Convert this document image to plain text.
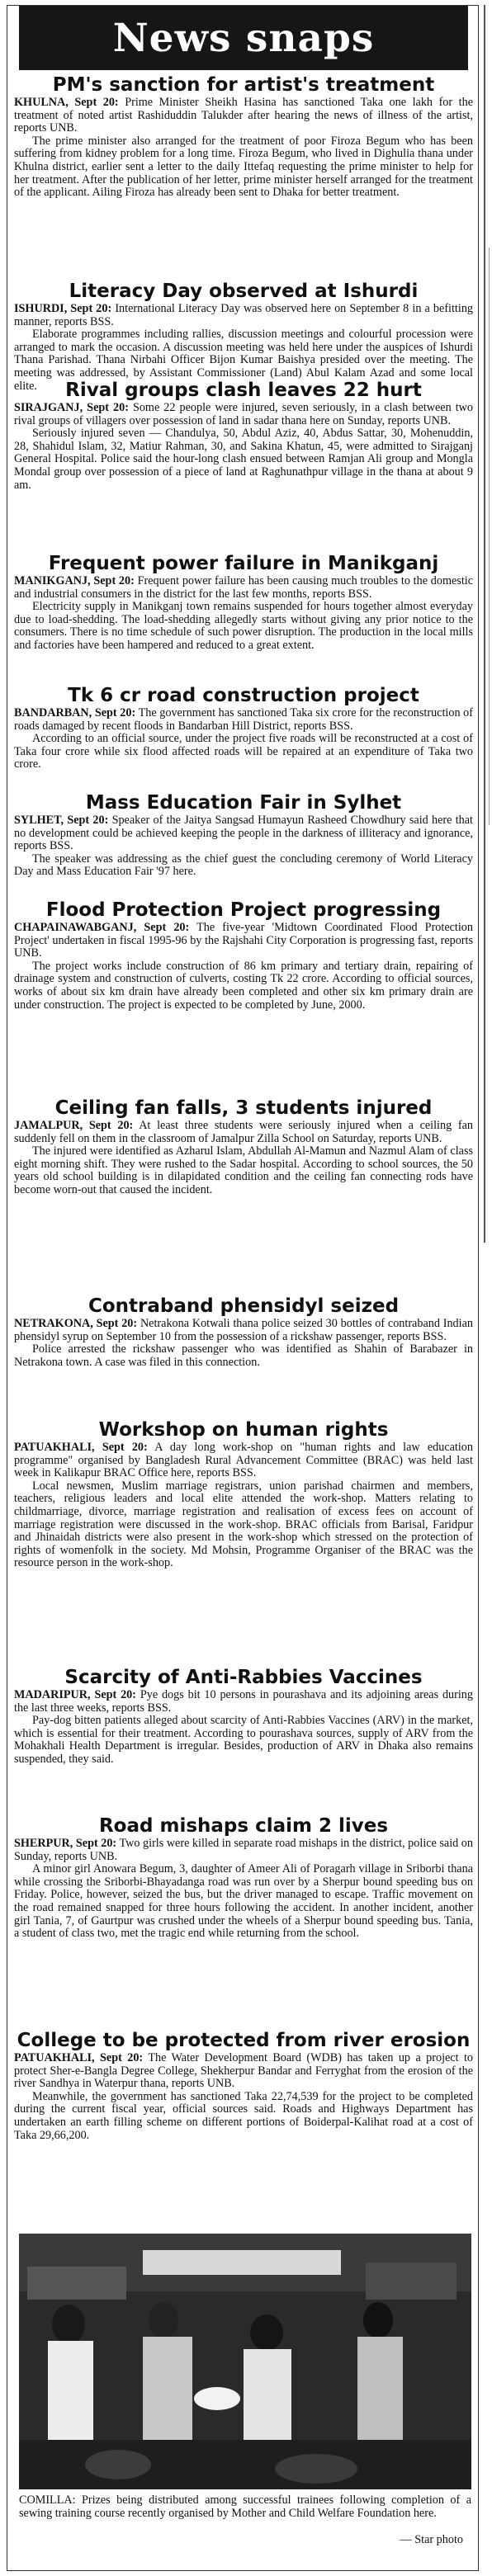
News snaps
PM's sanction for artist's treatment

KHULNA, Sept 20: Prime Minister Sheikh Hasina has sanctioned Taka one lakh for the treatment of noted artist Rashiduddin Talukder after hearing the news of illness of the artist, reports UNB.

The prime minister also arranged for the treatment of poor Firoza Begum who has been suffering from kidney problem for a long time. Firoza Begum, who lived in Dighulia thana under Khulna district, earlier sent a letter to the daily Ittefaq requesting the prime minister to help for her treatment. After the publication of her letter, prime minister herself arranged for the treatment of the applicant. Ailing Firoza has already been sent to Dhaka for better treatment.

Literacy Day observed at Ishurdi

ISHURDI, Sept 20: International Literacy Day was observed here on September 8 in a befitting manner, reports BSS.

Elaborate programmes including rallies, discussion meetings and colourful procession were arranged to mark the occasion. A discussion meeting was held here under the auspices of Ishurdi Thana Parishad. Thana Nirbahi Officer Bijon Kumar Baishya presided over the meeting. The meeting was addressed, by Assistant Commissioner (Land) Abul Kalam Azad and some local elite.	Rival groups clash leaves 22 hurt

SIRAJGANJ, Sept 20: Some 22 people were injured, seven seriously, in a clash between two rival groups of villagers over possession of land in sadar thana here on Sunday, reports UNB.

Seriously injured seven — Chandulya, 50, Abdul Aziz, 40, Abdus Sattar, 30, Mohenuddin, 28, Shahidul Islam, 32, Matiur Rahman, 30, and Sakina Khatun, 45, were admitted to Sirajganj General Hospital. Police said the hour-long clash ensued between Ramjan Ali group and Mongla Mondal group over possession of a piece of land at Raghunathpur village in the thana at about 9 am.

Frequent power failure in Manikganj

MANIKGANJ, Sept 20: Frequent power failure has been causing much troubles to the domestic and industrial consumers in the district for the last few months, reports BSS.

Electricity supply in Manikganj town remains suspended for hours together almost everyday due to load-shedding. The load-shedding allegedly starts without giving any prior notice to the consumers. There is no time schedule of such power disruption. The production in the local mills and factories have been hampered and reduced to a great extent.

Tk 6 cr road construction project

BANDARBAN, Sept 20: The government has sanctioned Taka six crore for the reconstruction of roads damaged by recent floods in Bandarban Hill District, reports BSS.

According to an official source, under the project five roads will be reconstructed at a cost of Taka four crore while six flood affected roads will be repaired at an expenditure of Taka two crore.

Mass Education Fair in Sylhet

SYLHET, Sept 20: Speaker of the Jaitya Sangsad Humayun Rasheed Chowdhury said here that no development could be achieved keeping the people in the darkness of illiteracy and ignorance, reports BSS.

The speaker was addressing as the chief guest the concluding ceremony of World Literacy Day and Mass Education Fair '97 here.

Flood Protection Project progressing

CHAPAINAWABGANJ, Sept 20: The five-year 'Midtown Coordinated Flood Protection Project' undertaken in fiscal 1995-96 by the Rajshahi City Corporation is progressing fast, reports UNB.

The project works include construction of 86 km primary and tertiary drain, repairing of drainage system and construction of culverts, costing Tk 22 crore. According to official sources, works of about six km drain have already been completed and other six km primary drain are under construction. The project is expected to be completed by June, 2000.

Ceiling fan falls, 3 students injured

JAMALPUR, Sept 20: At least three students were seriously injured when a ceiling fan suddenly fell on them in the classroom of Jamalpur Zilla School on Saturday, reports UNB.

The injured were identified as Azharul Islam, Abdullah Al-Mamun and Nazmul Alam of class eight morning shift. They were rushed to the Sadar hospital. According to school sources, the 50 years old school building is in dilapidated condition and the ceiling fan connecting rods have become worn-out that caused the incident.

Contraband phensidyl seized

NETRAKONA, Sept 20: Netrakona Kotwali thana police seized 30 bottles of contraband Indian phensidyl syrup on September 10 from the possession of a rickshaw passenger, reports BSS.

Police arrested the rickshaw passenger who was identified as Shahin of Barabazer in Netrakona town. A case was filed in this connection.

Workshop on human rights

PATUAKHALI, Sept 20: A day long work-shop on "human rights and law education programme" organised by Bangladesh Rural Advancement Committee (BRAC) was held last week in Kalikapur BRAC Office here, reports BSS.

Local newsmen, Muslim marriage registrars, union parishad chairmen and members, teachers, religious leaders and local elite attended the work-shop. Matters relating to childmarriage, divorce, marriage registration and realisation of excess fees on account of marriage registration were discussed in the work-shop. BRAC officials from Barisal, Faridpur and Jhinaidah districts were also present in the work-shop which stressed on the protection of rights of womenfolk in the society. Md Mohsin, Programme Organiser of the BRAC was the resource person in the work-shop.

Scarcity of Anti-Rabbies Vaccines

MADARIPUR, Sept 20: Pye dogs bit 10 persons in pourashava and its adjoining areas during the last three weeks, reports BSS.

Pay-dog bitten patients alleged about scarcity of Anti-Rabbies Vaccines (ARV) in the market, which is essential for their treatment. According to pourashava sources, supply of ARV from the Mohakhali Health Department is irregular. Besides, production of ARV in Dhaka also remains suspended, they said.

Road mishaps claim 2 lives

SHERPUR, Sept 20: Two girls were killed in separate road mishaps in the district, police said on Sunday, reports UNB.

A minor girl Anowara Begum, 3, daughter of Ameer Ali of Poragarh village in Sriborbi thana while crossing the Sriborbi-Bhayadanga road was run over by a Sherpur bound speeding bus on Friday. Police, however, seized the bus, but the driver managed to escape. Traffic movement on the road remained snapped for three hours following the accident. In another incident, another girl Tania, 7, of Gaurtpur was crushed under the wheels of a Sherpur bound speeding bus. Tania, a student of class two, met the tragic end while returning from the school.

College to be protected from river erosion

PATUAKHALI, Sept 20: The Water Development Board (WDB) has taken up a project to protect Sher-e-Bangla Degree College, Shekherpur Bandar and Ferryghat from the erosion of the river Sandhya in Waterpur thana, reports UNB.

Meanwhile, the government has sanctioned Taka 22,74,539 for the project to be completed during the current fiscal year, official sources said. Roads and Highways Department has undertaken an earth filling scheme on different portions of Boiderpal-Kalihat road at a cost of Taka 29,66,200.

COMILLA: Prizes being distributed among successful trainees following completion of a sewing training course recently organised by Mother and Child Welfare Foundation here.
— Star photo
